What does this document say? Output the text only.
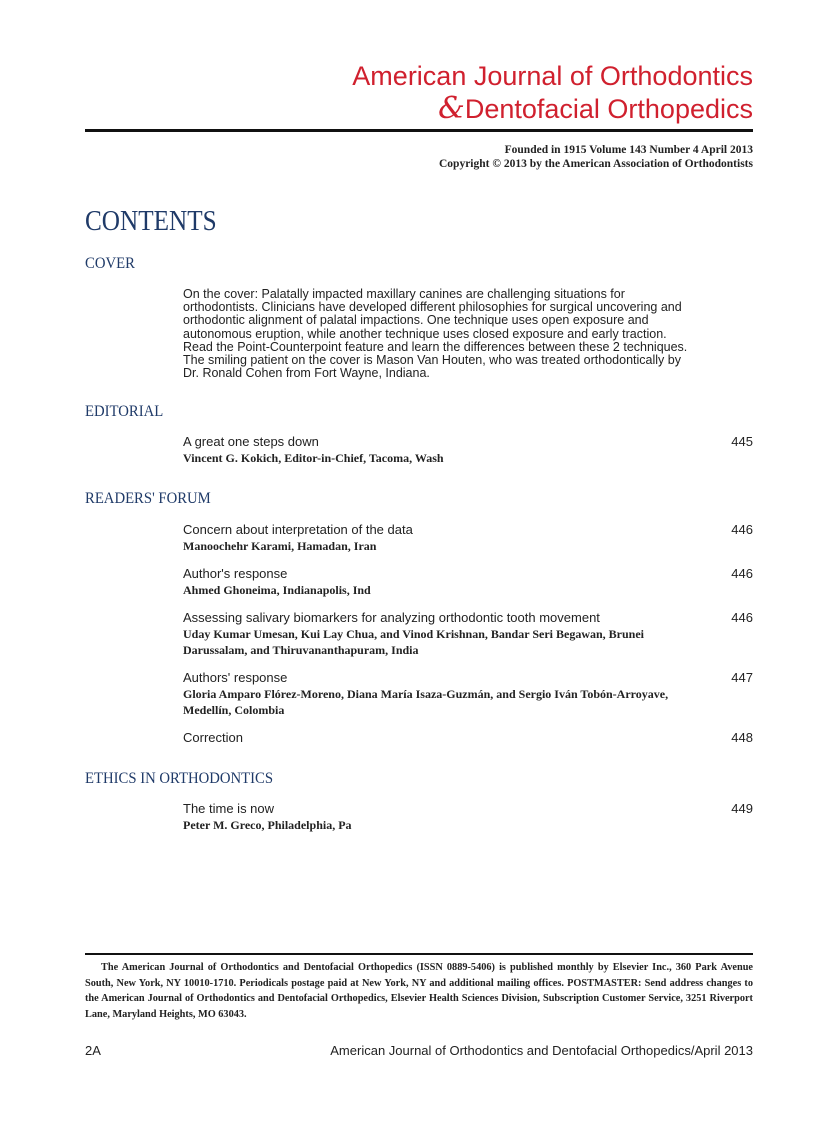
American Journal of Orthodontics
&Dentofacial Orthopedics
Founded in 1915 Volume 143 Number 4 April 2013
Copyright © 2013 by the American Association of Orthodontists
CONTENTS
COVER
On the cover: Palatally impacted maxillary canines are challenging situations for orthodontists. Clinicians have developed different philosophies for surgical uncovering and orthodontic alignment of palatal impactions. One technique uses open exposure and autonomous eruption, while another technique uses closed exposure and early traction. Read the Point-Counterpoint feature and learn the differences between these 2 techniques. The smiling patient on the cover is Mason Van Houten, who was treated orthodontically by Dr. Ronald Cohen from Fort Wayne, Indiana.
EDITORIAL
A great one steps down
Vincent G. Kokich, Editor-in-Chief, Tacoma, Wash
445
READERS' FORUM
Concern about interpretation of the data
Manoochehr Karami, Hamadan, Iran
446
Author's response
Ahmed Ghoneima, Indianapolis, Ind
446
Assessing salivary biomarkers for analyzing orthodontic tooth movement
Uday Kumar Umesan, Kui Lay Chua, and Vinod Krishnan, Bandar Seri Begawan, Brunei Darussalam, and Thiruvananthapuram, India
446
Authors' response
Gloria Amparo Flórez-Moreno, Diana María Isaza-Guzmán, and Sergio Iván Tobón-Arroyave, Medellín, Colombia
447
Correction	448
ETHICS IN ORTHODONTICS
The time is now
Peter M. Greco, Philadelphia, Pa
449
The American Journal of Orthodontics and Dentofacial Orthopedics (ISSN 0889-5406) is published monthly by Elsevier Inc., 360 Park Avenue South, New York, NY 10010-1710. Periodicals postage paid at New York, NY and additional mailing offices. POSTMASTER: Send address changes to the American Journal of Orthodontics and Dentofacial Orthopedics, Elsevier Health Sciences Division, Subscription Customer Service, 3251 Riverport Lane, Maryland Heights, MO 63043.
2A	American Journal of Orthodontics and Dentofacial Orthopedics/April 2013
